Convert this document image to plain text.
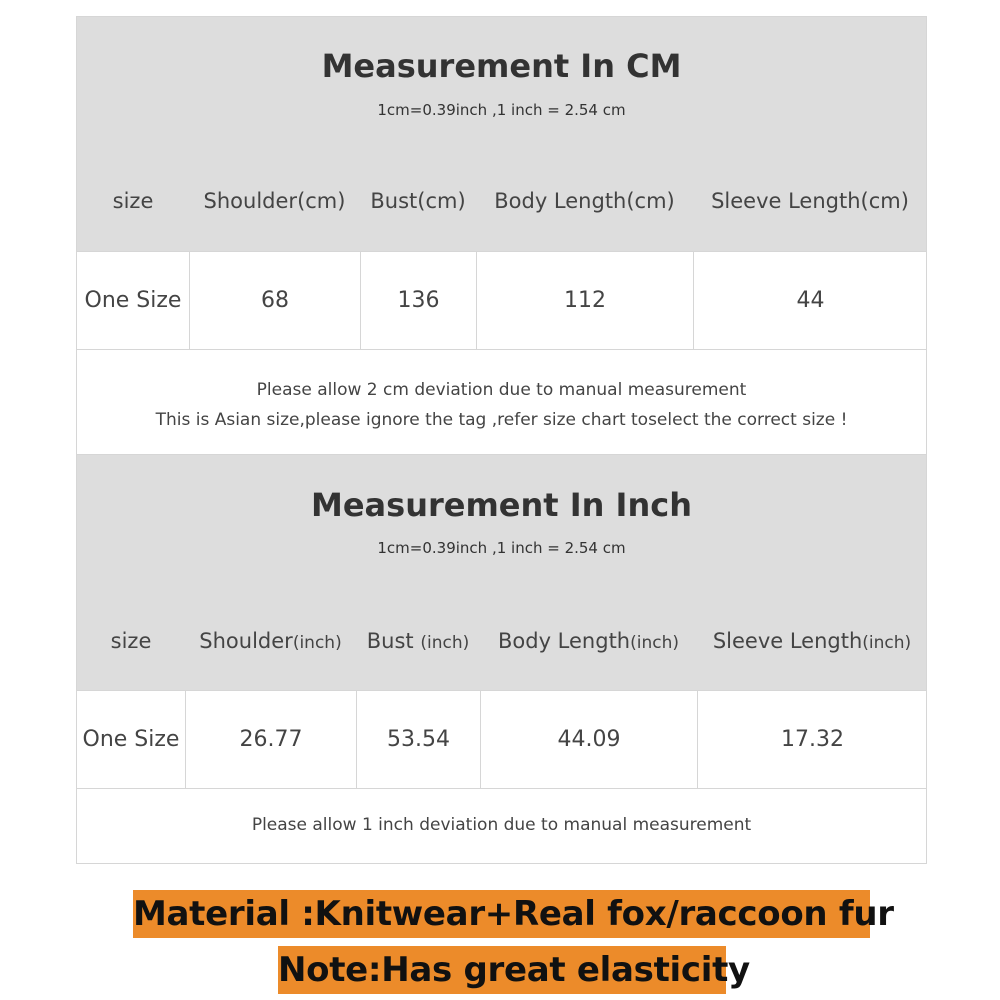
Measurement In CM
1cm=0.39inch ,1 inch = 2.54 cm
size	Shoulder(cm)	Bust(cm)	Body Length(cm)	Sleeve Length(cm)
One Size	68	136	112	44
Please allow 2 cm deviation due to manual measurement
This is Asian size,please ignore the tag ,refer size chart toselect the correct size !
Measurement In Inch
1cm=0.39inch ,1 inch = 2.54 cm
size	Shoulder(inch)	Bust (inch)	Body Length(inch)	Sleeve Length(inch)
One Size	26.77	53.54	44.09	17.32
Please allow 1 inch deviation due to manual measurement
Material :Knitwear+Real fox/raccoon fur
Note:Has great elasticity
